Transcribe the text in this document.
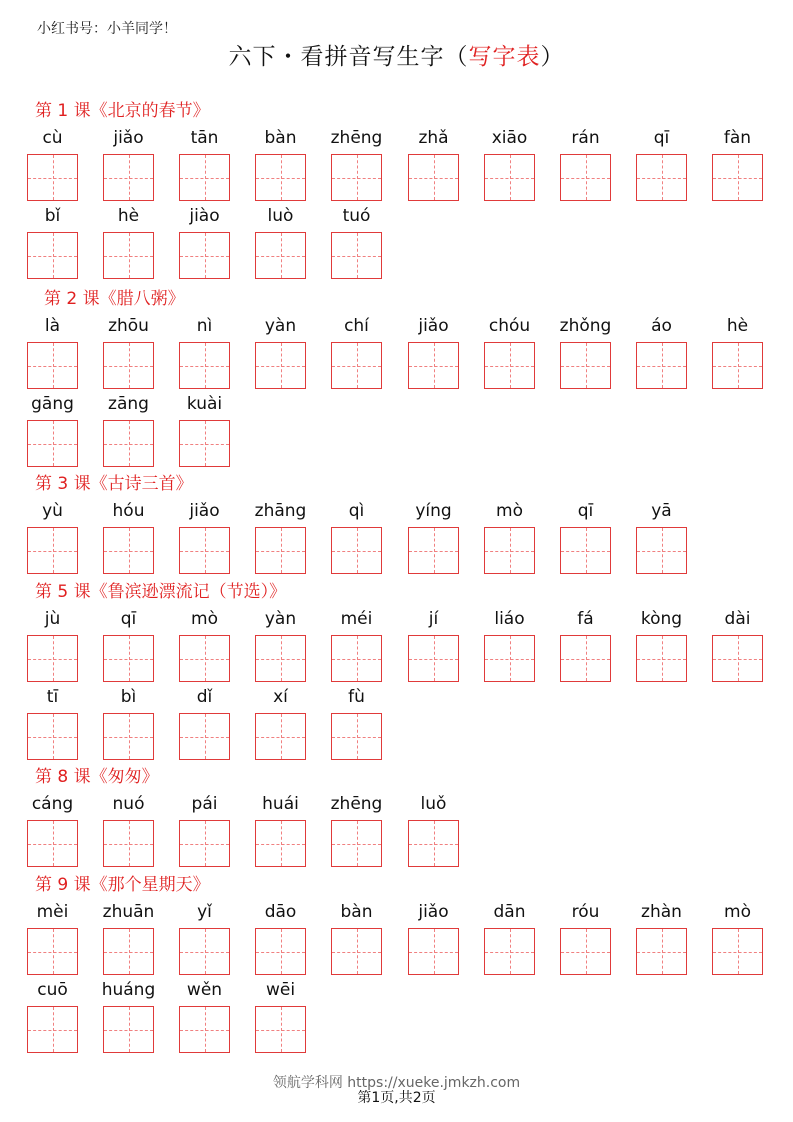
小红书号：小羊同学！
六下・看拼音写生字（写字表）
第 1 课《北京的春节》
cù	jiǎo	tān	bàn	zhēng	zhǎ	xiāo	rán	qī	fàn
bǐ	hè	jiào	luò	tuó
第 2 课《腊八粥》
là	zhōu	nì	yàn	chí	jiǎo	chóu	zhǒng	áo	hè
gāng	zāng	kuài
第 3 课《古诗三首》
yù	hóu	jiǎo	zhāng	qì	yíng	mò	qī	yā
第 5 课《鲁滨逊漂流记（节选）》
jù	qī	mò	yàn	méi	jí	liáo	fá	kòng	dài
tī	bì	dǐ	xí	fù
第 8 课《匆匆》
cáng	nuó	pái	huái	zhēng	luǒ
第 9 课《那个星期天》
mèi	zhuān	yǐ	dāo	bàn	jiǎo	dān	róu	zhàn	mò
cuō	huáng	wěn	wēi
领航学科网 https://xueke.jmkzh.com
第1页,共2页
